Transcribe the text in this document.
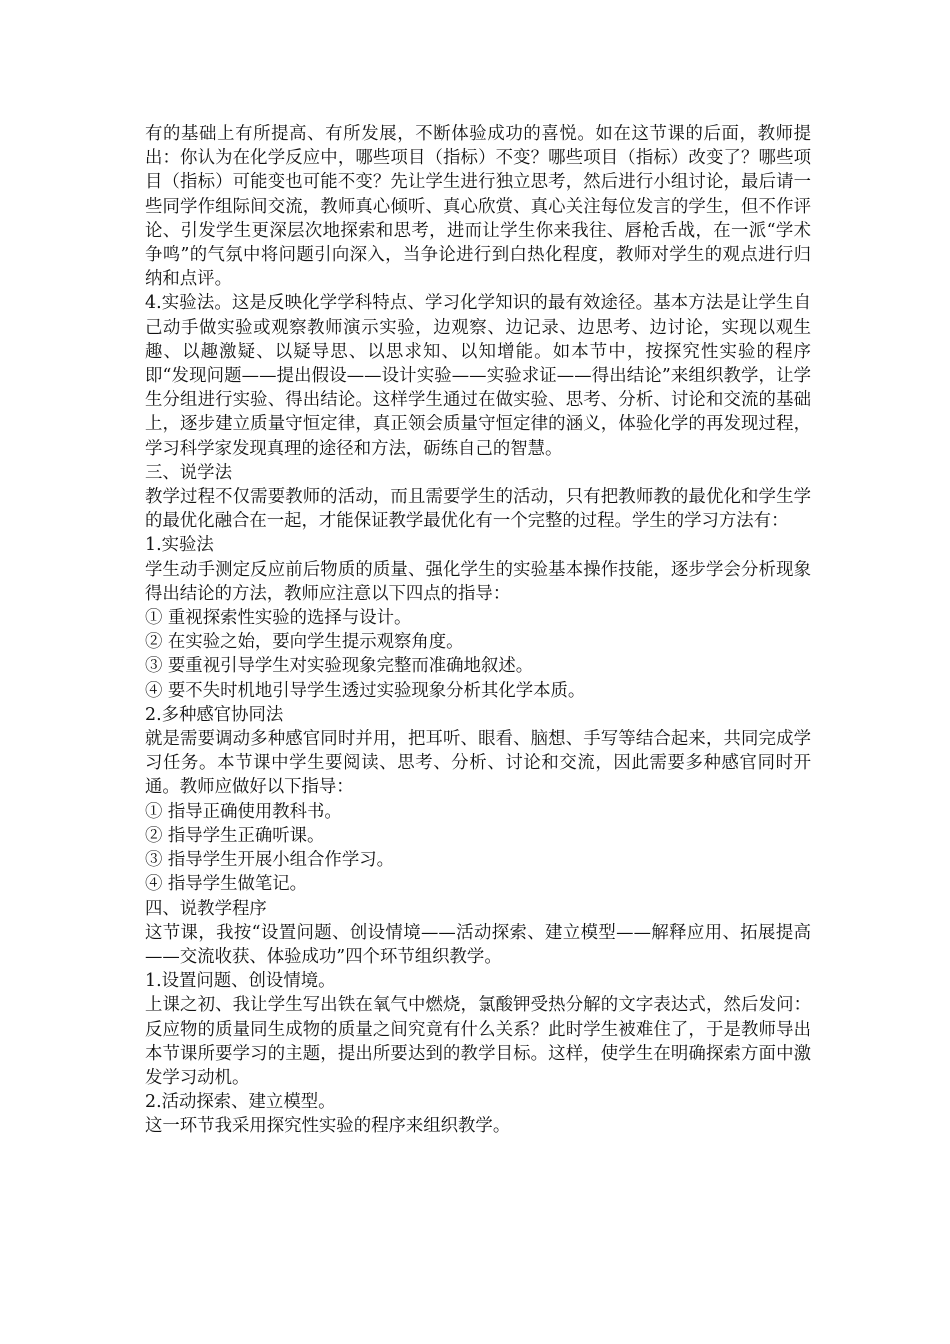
有的基础上有所提高、有所发展，不断体验成功的喜悦。如在这节课的后面，教师提出：你认为在化学反应中，哪些项目（指标）不变？哪些项目（指标）改变了？哪些项目（指标）可能变也可能不变？先让学生进行独立思考，然后进行小组讨论，最后请一些同学作组际间交流，教师真心倾听、真心欣赏、真心关注每位发言的学生，但不作评论、引发学生更深层次地探索和思考，进而让学生你来我往、唇枪舌战，在一派“学术争鸣”的气氛中将问题引向深入，当争论进行到白热化程度，教师对学生的观点进行归纳和点评。

4.实验法。这是反映化学学科特点、学习化学知识的最有效途径。基本方法是让学生自己动手做实验或观察教师演示实验，边观察、边记录、边思考、边讨论，实现以观生趣、以趣激疑、以疑导思、以思求知、以知增能。如本节中，按探究性实验的程序即“发现问题——提出假设——设计实验——实验求证——得出结论”来组织教学，让学生分组进行实验、得出结论。这样学生通过在做实验、思考、分析、讨论和交流的基础上，逐步建立质量守恒定律，真正领会质量守恒定律的涵义，体验化学的再发现过程，学习科学家发现真理的途径和方法，砺练自己的智慧。

三、说学法

教学过程不仅需要教师的活动，而且需要学生的活动，只有把教师教的最优化和学生学的最优化融合在一起，才能保证教学最优化有一个完整的过程。学生的学习方法有：

1.实验法

学生动手测定反应前后物质的质量、强化学生的实验基本操作技能，逐步学会分析现象得出结论的方法，教师应注意以下四点的指导：

① 重视探索性实验的选择与设计。

② 在实验之始，要向学生提示观察角度。

③ 要重视引导学生对实验现象完整而准确地叙述。

④ 要不失时机地引导学生透过实验现象分析其化学本质。

2.多种感官协同法

就是需要调动多种感官同时并用，把耳听、眼看、脑想、手写等结合起来，共同完成学习任务。本节课中学生要阅读、思考、分析、讨论和交流，因此需要多种感官同时开通。教师应做好以下指导：

① 指导正确使用教科书。

② 指导学生正确听课。

③ 指导学生开展小组合作学习。

④ 指导学生做笔记。

四、说教学程序

这节课，我按“设置问题、创设情境——活动探索、建立模型——解释应用、拓展提高——交流收获、体验成功”四个环节组织教学。

1.设置问题、创设情境。

上课之初、我让学生写出铁在氧气中燃烧，氯酸钾受热分解的文字表达式，然后发问：反应物的质量同生成物的质量之间究竟有什么关系？此时学生被难住了，于是教师导出本节课所要学习的主题，提出所要达到的教学目标。这样，使学生在明确探索方面中激发学习动机。

2.活动探索、建立模型。

这一环节我采用探究性实验的程序来组织教学。
